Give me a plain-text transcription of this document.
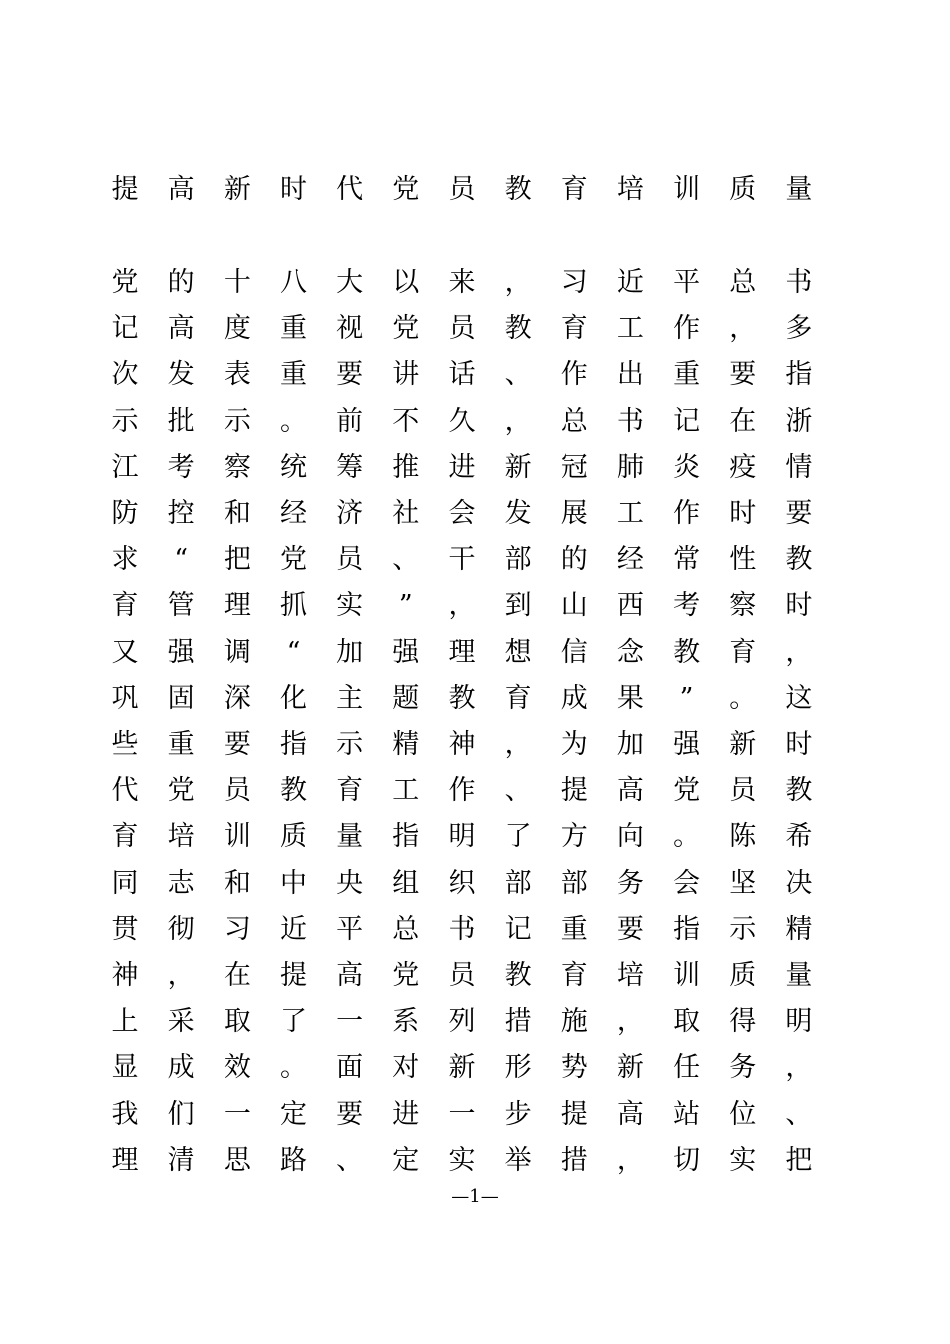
提 高 新 时 代 党 员 教 育 培 训 质 量
党 的 十 八 大 以 来 ， 习 近 平 总 书
记 高 度 重 视 党 员 教 育 工 作 ， 多
次 发 表 重 要 讲 话 、 作 出 重 要 指
示 批 示 。 前 不 久 ， 总 书 记 在 浙
江 考 察 统 筹 推 进 新 冠 肺 炎 疫 情
防 控 和 经 济 社 会 发 展 工 作 时 要
求	“	把 党 员 、 干 部 的 经 常 性 教
育 管 理 抓 实	”	， 到 山 西 考 察 时
又 强 调	“	加 强 理 想 信 念 教 育 ，
巩 固 深 化 主 题 教 育 成 果	”	。 这
些 重 要 指 示 精 神 ， 为 加 强 新 时
代 党 员 教 育 工 作 、 提 高 党 员 教
育 培 训 质 量 指 明 了 方 向 。 陈 希
同 志 和 中 央 组 织 部 部 务 会 坚 决
贯 彻 习 近 平 总 书 记 重 要 指 示 精
神 ， 在 提 高 党 员 教 育 培 训 质 量
上 采 取 了 一 系 列 措 施 ， 取 得 明
显 成 效 。 面 对 新 形 势 新 任 务 ，
我 们 一 定 要 进 一 步 提 高 站 位 、
理 清 思 路 、 定 实 举 措 ， 切 实 把
—1—
